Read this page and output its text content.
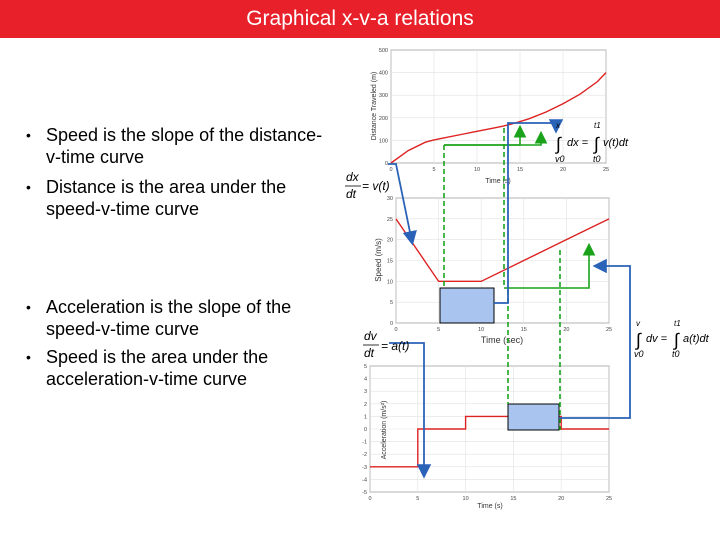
Graphical x-v-a relations
• Speed is the slope of the distance-v-time curve
• Distance is the area under the speed-v-time curve
• Acceleration is the slope of the speed-v-time curve
• Speed is the area under the acceleration-v-time curve
0	5	10	15	20	25
0
100
200
300
400
500
Time (s)
Distance Traveled (m)
0	5	10	15	20	25
0
5
10
15
20
25
30
Time (sec)
Speed (m/s)
0	5	10	15	20	25
-5
-4
-3
-2
-1
0
1
2
3
4
5
Time (s)
Acceleration (m/s²)
dx
dt
= v(t)
dv
dt = a(t)
x
∫ dx =
v0
t1
∫ v(t)dt
t0
v
∫ dv =
v0
t1
∫ a(t)dt
t0
